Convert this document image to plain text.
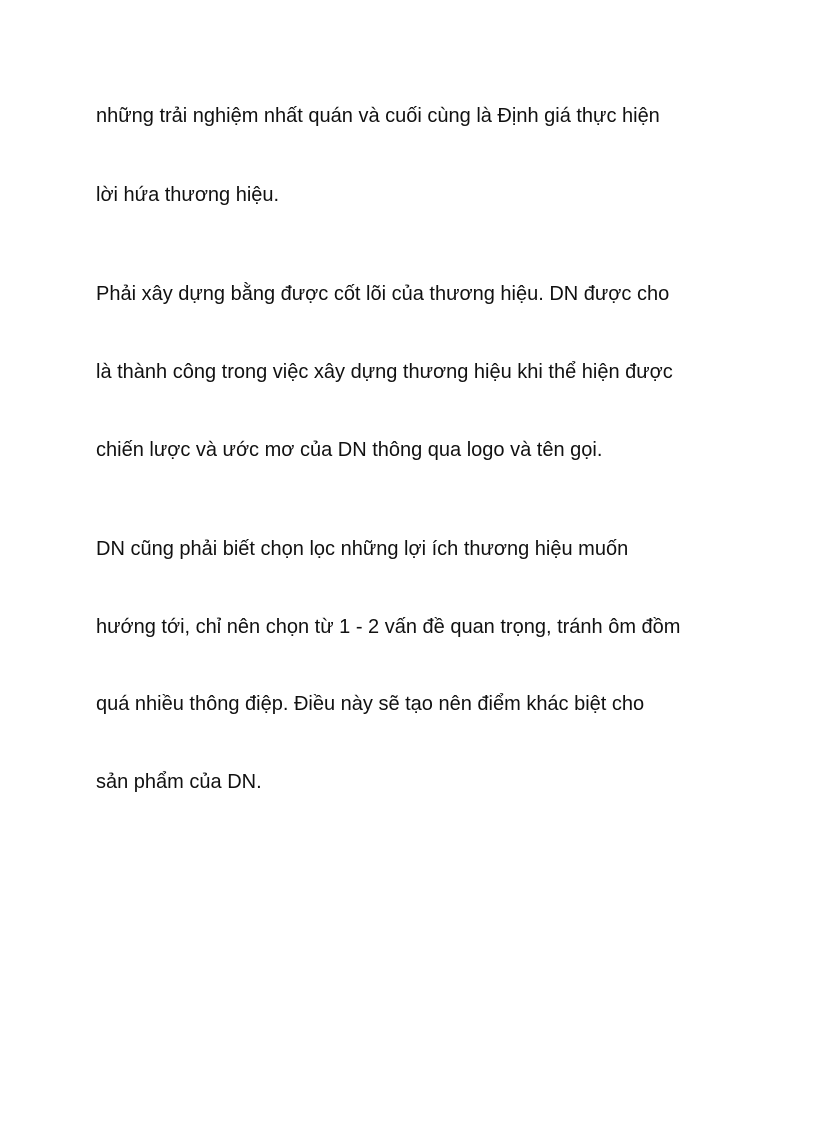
những trải nghiệm nhất quán và cuối cùng là Định giá thực hiện

lời hứa thương hiệu.

Phải xây dựng bằng được cốt lõi của thương hiệu. DN được cho

là thành công trong việc xây dựng thương hiệu khi thể hiện được

chiến lược và ước mơ của DN thông qua logo và tên gọi.

DN cũng phải biết chọn lọc những lợi ích thương hiệu muốn

hướng tới, chỉ nên chọn từ 1 - 2 vấn đề quan trọng, tránh ôm đồm

quá nhiều thông điệp. Điều này sẽ tạo nên điểm khác biệt cho

sản phẩm của DN.
